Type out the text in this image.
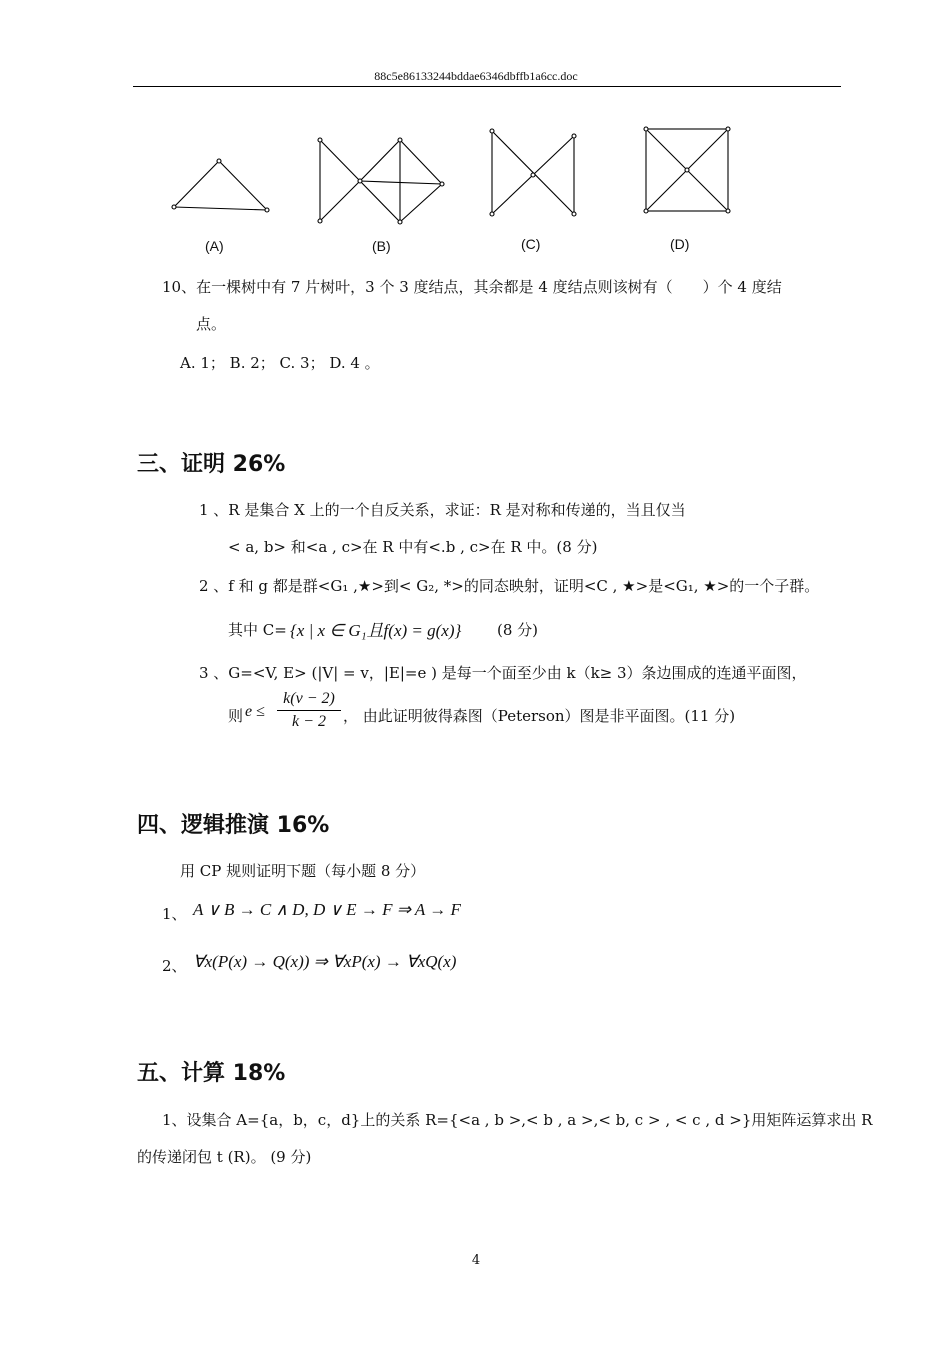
88c5e86133244bddae6346dbffb1a6cc.doc
(A)	(B)	(C)	(D)
10、在一棵树中有 7 片树叶，3 个 3 度结点，其余都是 4 度结点则该树有（　　）个 4 度结
点。
A. 1； B. 2； C. 3； D. 4 。
三、证明 26%
1 、R 是集合 X 上的一个自反关系，求证：R 是对称和传递的，当且仅当
< a, b> 和<a , c>在 R 中有<.b , c>在 R 中。(8 分)
2 、f 和 g 都是群<G₁ ,★>到< G₂, *>的同态映射，证明<C , ★>是<G₁, ★>的一个子群。
其中 C= {x | x ∈ G₁且f(x) = g(x)} (8 分)
3 、G=<V, E> (|V| = v，|E|=e ) 是每一个面至少由 k（k≥ 3）条边围成的连通平面图，
则 e ≤
k(v − 2)
k − 2	， 由此证明彼得森图（Peterson）图是非平面图。(11 分)
四、逻辑推演 16%
用 CP 规则证明下题（每小题 8 分）
1、 A ∨ B → C ∧ D, D ∨ E → F ⇒ A → F
2、 ∀x(P(x) → Q(x)) ⇒ ∀xP(x) → ∀xQ(x)
五、计算 18%
1、设集合 A={a，b，c，d}上的关系 R={<a , b >,< b , a >,< b, c > , < c , d >}用矩阵运算求出 R
的传递闭包 t (R)。 (9 分)
4
